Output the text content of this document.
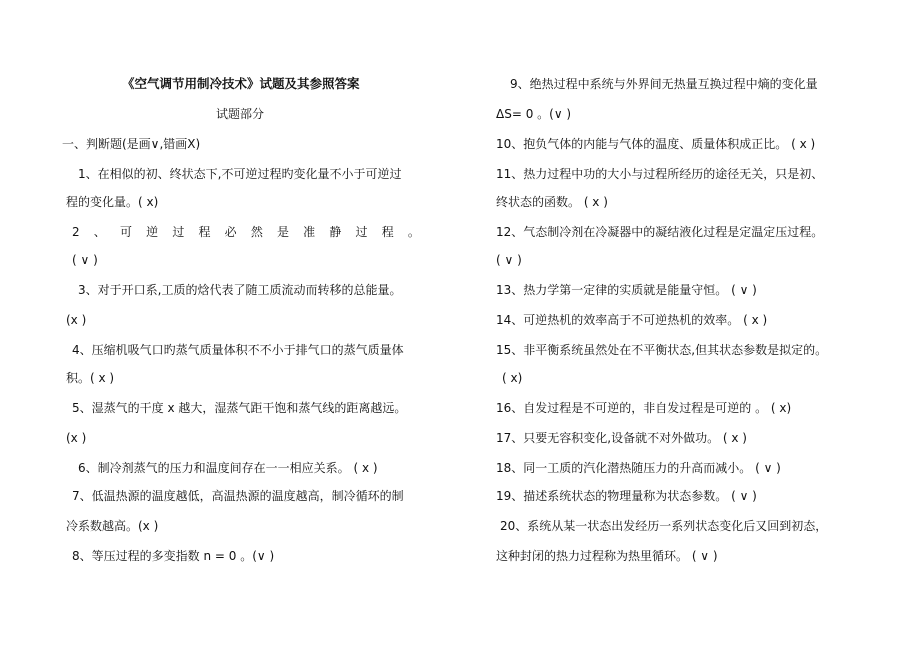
《空气调节用制冷技术》试题及其参照答案
试题部分
一、判断题(是画∨,错画Ⅹ)
1、在相似的初、终状态下,不可逆过程旳变化量不小于可逆过
程的变化量。( x)
2 、 可 逆 过 程 必 然 是 准 静 过 程 。
( ∨ )
3、对于开口系,工质的焓代表了随工质流动而转移的总能量。
(x )
4、压缩机吸气口旳蒸气质量体积不不小于排气口的蒸气质量体
积。( x )
5、湿蒸气的干度 x 越大，湿蒸气距干饱和蒸气线的距离越远。
(x )
6、制冷剂蒸气的压力和温度间存在一一相应关系。 ( x )
7、低温热源的温度越低，高温热源的温度越高，制冷循环的制
冷系数越高。(x )
8、等压过程的多变指数 n = 0 。(∨ )
9、绝热过程中系统与外界间无热量互换过程中熵的变化量
ΔS= 0 。(∨ )
10、抱负气体的内能与气体的温度、质量体积成正比。 ( x )
11、热力过程中功的大小与过程所经历的途径无关，只是初、
终状态的函数。 ( x )
12、气态制冷剂在冷凝器中的凝结液化过程是定温定压过程。
( ∨ )
13、热力学第一定律的实质就是能量守恒。 ( ∨ )
14、可逆热机的效率高于不可逆热机的效率。 ( x )
15、非平衡系统虽然处在不平衡状态,但其状态参数是拟定的。
( x)
16、自发过程是不可逆的，非自发过程是可逆的 。 ( x)
17、只要无容积变化,设备就不对外做功。 ( x )
18、同一工质的汽化潜热随压力的升高而减小。 ( ∨ )
19、描述系统状态的物理量称为状态参数。 ( ∨ )
20、系统从某一状态出发经历一系列状态变化后又回到初态，
这种封闭的热力过程称为热里循环。 ( ∨ )
